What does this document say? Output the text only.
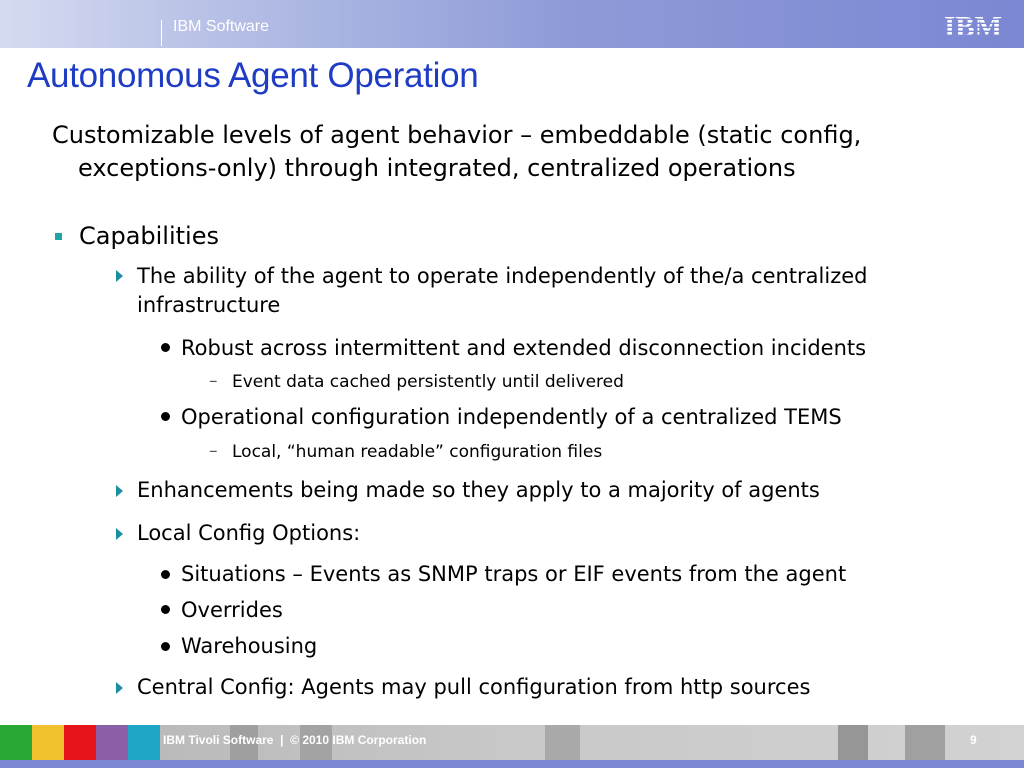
IBM Software	IBM
Autonomous Agent Operation
Customizable levels of agent behavior – embeddable (static config, exceptions-only) through integrated, centralized operations
Capabilities
The ability of the agent to operate independently of the/a centralized infrastructure
Robust across intermittent and extended disconnection incidents
– Event data cached persistently until delivered
Operational configuration independently of a centralized TEMS
– Local, “human readable” configuration files
Enhancements being made so they apply to a majority of agents
Local Config Options:
Situations – Events as SNMP traps or EIF events from the agent
Overrides
Warehousing
Central Config: Agents may pull configuration from http sources
IBM Tivoli Software  |  © 2010 IBM Corporation	9
